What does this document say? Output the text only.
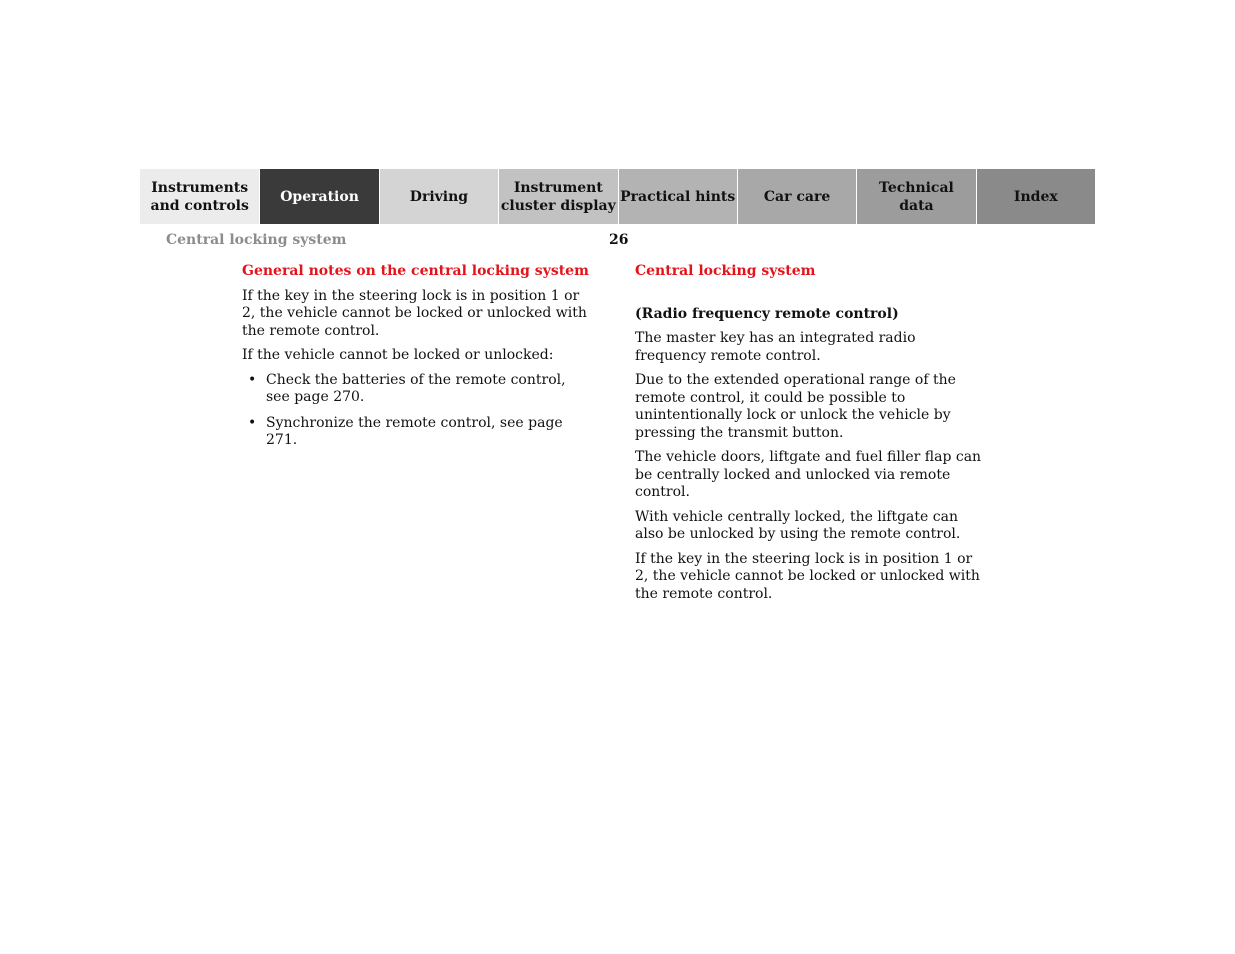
Instruments
and controls
Operation	Driving
Instrument
cluster display
Practical hints	Car care
Technical
data
Index
Central locking system	26
General notes on the central locking system

If the key in the steering lock is in position 1 or 2, the vehicle cannot be locked or unlocked with the remote control.

If the vehicle cannot be locked or unlocked:

• Check the batteries of the remote control, see page 270.
• Synchronize the remote control, see page 271.
Central locking system
(Radio frequency remote control)

The master key has an integrated radio frequency remote control.

Due to the extended operational range of the remote control, it could be possible to unintentionally lock or unlock the vehicle by pressing the transmit button.

The vehicle doors, liftgate and fuel filler flap can be centrally locked and unlocked via remote control.

With vehicle centrally locked, the liftgate can also be unlocked by using the remote control.

If the key in the steering lock is in position 1 or 2, the vehicle cannot be locked or unlocked with the remote control.
